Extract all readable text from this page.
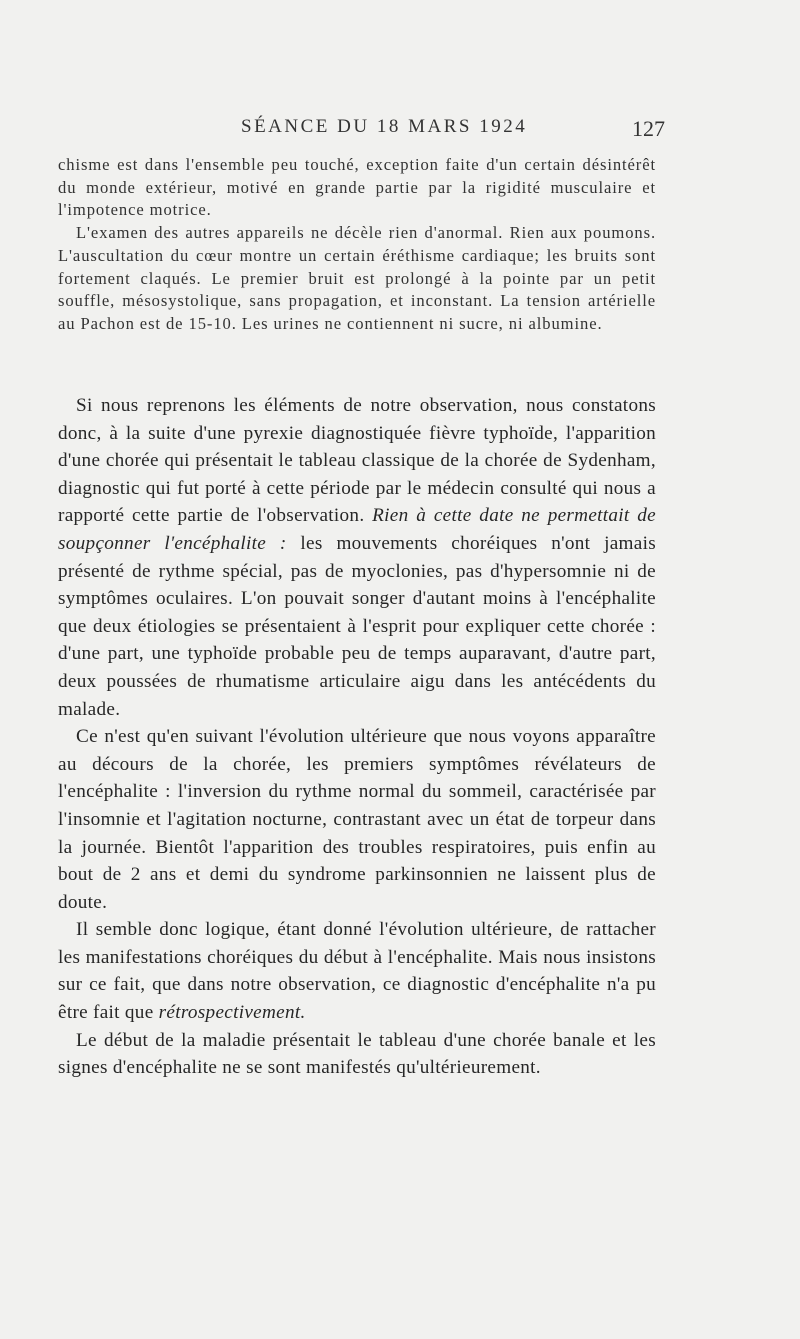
SÉANCE DU 18 MARS 1924	127

chisme est dans l'ensemble peu touché, exception faite d'un certain désintérêt du monde extérieur, motivé en grande partie par la rigidité musculaire et l'impotence motrice.

L'examen des autres appareils ne décèle rien d'anormal. Rien aux poumons. L'auscultation du cœur montre un certain éréthisme cardiaque; les bruits sont fortement claqués. Le premier bruit est prolongé à la pointe par un petit souffle, mésosystolique, sans propagation, et inconstant. La tension artérielle au Pachon est de 15-10. Les urines ne contiennent ni sucre, ni albumine.

Si nous reprenons les éléments de notre observation, nous constatons donc, à la suite d'une pyrexie diagnostiquée fièvre typhoïde, l'apparition d'une chorée qui présentait le tableau classique de la chorée de Sydenham, diagnostic qui fut porté à cette période par le médecin consulté qui nous a rapporté cette partie de l'observation. Rien à cette date ne permettait de soupçonner l'encéphalite : les mouvements choréiques n'ont jamais présenté de rythme spécial, pas de myoclonies, pas d'hypersomnie ni de symptômes oculaires. L'on pouvait songer d'autant moins à l'encéphalite que deux étiologies se présentaient à l'esprit pour expliquer cette chorée : d'une part, une typhoïde probable peu de temps auparavant, d'autre part, deux poussées de rhumatisme articulaire aigu dans les antécédents du malade.

Ce n'est qu'en suivant l'évolution ultérieure que nous voyons apparaître au décours de la chorée, les premiers symptômes révélateurs de l'encéphalite : l'inversion du rythme normal du sommeil, caractérisée par l'insomnie et l'agitation nocturne, contrastant avec un état de torpeur dans la journée. Bientôt l'apparition des troubles respiratoires, puis enfin au bout de 2 ans et demi du syndrome parkinsonnien ne laissent plus de doute.

Il semble donc logique, étant donné l'évolution ultérieure, de rattacher les manifestations choréiques du début à l'encéphalite. Mais nous insistons sur ce fait, que dans notre observation, ce diagnostic d'encéphalite n'a pu être fait que rétrospectivement.

Le début de la maladie présentait le tableau d'une chorée banale et les signes d'encéphalite ne se sont manifestés qu'ultérieurement.
